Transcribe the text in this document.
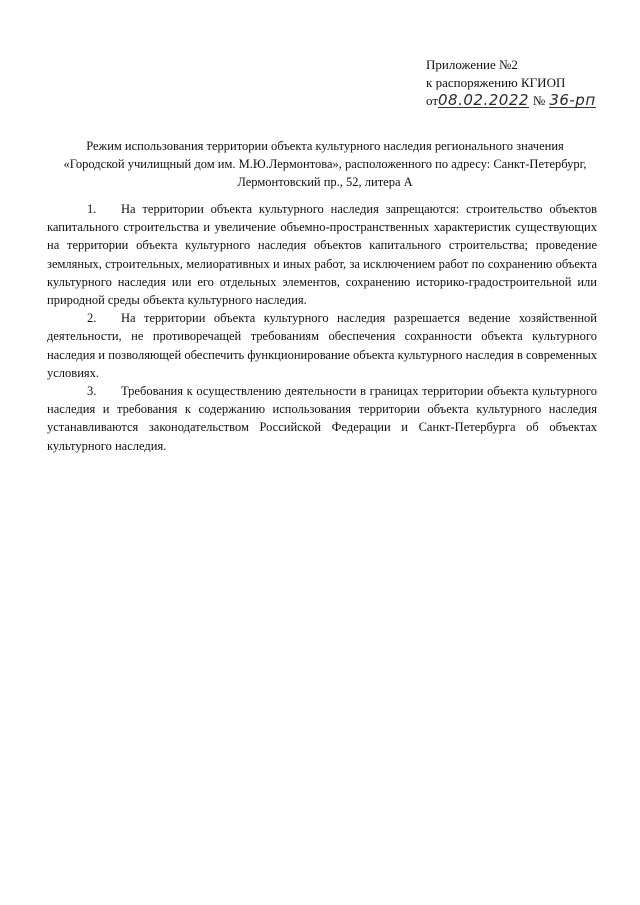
Приложение №2
к распоряжению КГИОП
от08.02.2022 № 36-рп
Режим использования территории объекта культурного наследия регионального значения
«Городской училищный дом им. М.Ю.Лермонтова», расположенного по адресу: Санкт-Петербург,
Лермонтовский пр., 52, литера А

1. На территории объекта культурного наследия запрещаются: строительство объектов капитального строительства и увеличение объемно-пространственных характеристик существующих на территории объекта культурного наследия объектов капитального строительства; проведение земляных, строительных, мелиоративных и иных работ, за исключением работ по сохранению объекта культурного наследия или его отдельных элементов, сохранению историко-градостроительной или природной среды объекта культурного наследия.

2. На территории объекта культурного наследия разрешается ведение хозяйственной деятельности, не противоречащей требованиям обеспечения сохранности объекта культурного наследия и позволяющей обеспечить функционирование объекта культурного наследия в современных условиях.

3. Требования к осуществлению деятельности в границах территории объекта культурного наследия и требования к содержанию использования территории объекта культурного наследия устанавливаются законодательством Российской Федерации и Санкт-Петербурга об объектах культурного наследия.
